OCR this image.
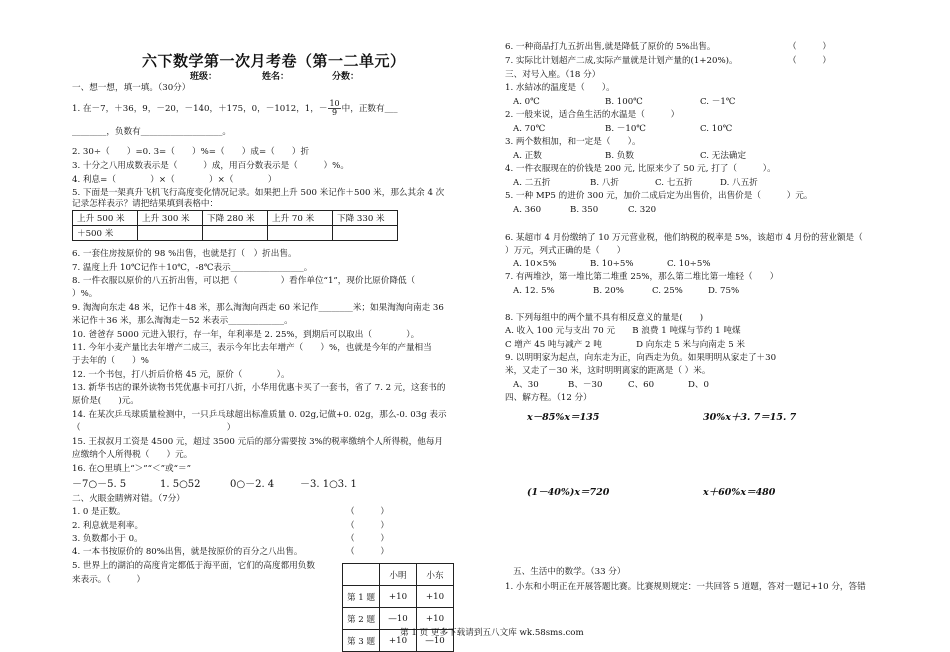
六下数学第一次月考卷（第一二单元）
班级：	姓名：	分数：
一、想一想，填一填。（30分）
1. 在－7，＋36，9，－20，－140，＋175，0，－1012，1，－ $\frac{10}{9}$ 中，正数有___
________，负数有___________________。
2. 30÷（　　）=0. 3=（　　）%=（　　）成=（　　）折
3. 十分之八用成数表示是（　　　）成，用百分数表示是（　　　）%。
4. 利息=（　　　　）×（　　　　）×（　　　　）
5. 下面是一架真升飞机飞行高度变化情况记录。如果把上升 500 米记作＋500 米，那么其余 4 次
记录怎样表示？请把结果填到表格中：
上升 500 米	上升 300 米	下降 280 米	上升 70 米	下降 330 米
＋500 米				
6. 一套住房按原价的 98 %出售，也就是打（　）折出售。
7. 温度上升 10℃记作＋10℃，-8℃表示_________________。
8. 一件衣服以原价的八五折出售，可以把（　　　　　）看作单位“1”，现价比原价降低（
）%。
9. 淘淘向东走 48 米，记作＋48 米，那么淘淘向西走 60 米记作________米；如果淘淘向南走 36
米记作＋36 米，那么淘淘走－52 米表示_____________。
10. 爸爸存 5000 元进入银行，存一年，年利率是 2. 25%，到期后可以取出（　　　　）。
11. 今年小麦产量比去年增产二成三，表示今年比去年增产（　　）%，也就是今年的产量相当
于去年的（　　）%
12. 一个书包，打八折后价格 45 元，原价（　　　　）。
13. 新华书店的课外读物书凭优惠卡可打八折，小华用优惠卡买了一套书，省了 7. 2 元，这套书的
原价是(　　)元。
14. 在某次乒乓球质量检测中，一只乒乓球超出标准质量 0. 02g,记做+0. 02g，那么-0. 03g 表示
（　　　　　　　　　　　　　　　　　）
15. 王叔叔月工资是 4500 元，超过 3500 元后的部分需要按 3%的税率缴纳个人所得税，他每月
应缴纳个人所得税（　　）元。
16. 在○里填上“＞”“＜”或“＝”
－7○－5. 5	1. 5○52	0○－2. 4	－3. 1○3. 1
二、火眼金睛辨对错。（7分）
1. 0 是正数。	（　　　）
2. 利息就是利率。	（　　　）
3. 负数都小于 0。	（　　　）
4. 一本书按原价的 80%出售，就是按原价的百分之八出售。	（　　　）
5. 世界上的湖泊的高度肯定都低于海平面，它们的高度都用负数
来表示。（　　　）
		小明	小东
第 1 题	+10	+10
第 2 题	—10	+10
第 3 题	+10	—10
6. 一种商品打九五折出售,就是降低了原价的 5%出售。	（　　　）
7. 实际比计划超产二成,实际产量就是计划产量的(1+20%)。	（　　　）
三、对号入座。（18 分）
1. 水結冰的温度是（　　）。
A. 0℃	B. 100℃	C. －1℃
2. 一般来说，适合鱼生活的水温是（　　　）
A. 70℃	B. －10℃	C. 10℃
3. 两个数相加，和一定是（　　）。
A. 正数	B. 负数	C. 无法确定
4. 一件衣服现在的价钱是 200 元, 比原来少了 50 元, 打了（　　　）。
A. 二五折	B. 八折	C. 七五折	D. 八五折
5. 一种 MP5 的进价 300 元，加价二成后定为出售价，出售价是（　　　）元。
A. 360	B. 350	C. 320
6. 某超市 4 月份缴纳了 10 万元营业税，他们纳税的税率是 5%，该超市 4 月份的营业额是（
）万元，列式正确的是（　　）
A. 10×5%	B. 10÷5%	C. 10÷5%
7. 有两堆沙，第一堆比第二堆重 25%，那么第二堆比第一堆轻（　　）
A. 12. 5%	B. 20%	C. 25%	D. 75%
8. 下列每组中的两个量不具有相反意义的量是(　　)
A. 收入 100 元与支出 70 元　　B 浪费 1 吨煤与节约 1 吨煤
C 增产 45 吨与减产 2 吨　　　　D 向东走 5 米与向南走 5 米
9. 以明明家为起点，向东走为正，向西走为负。如果明明从家走了＋30
米，又走了－30 米，这时明明离家的距离是（ ）米。
A、30	B、－30	C、60	D、0
四、解方程。（12 分）
x－85%x＝135	30%x＋3. 7＝15. 7
(1－40%)x＝720	x＋60%x＝480
五、生活中的数学。（33 分）
1. 小东和小明正在开展答题比赛。比赛规则规定：一共回答 5 道题，答对一题记+10 分，答错
第 1 页 更多下载请到五八文库 wk.58sms.com
